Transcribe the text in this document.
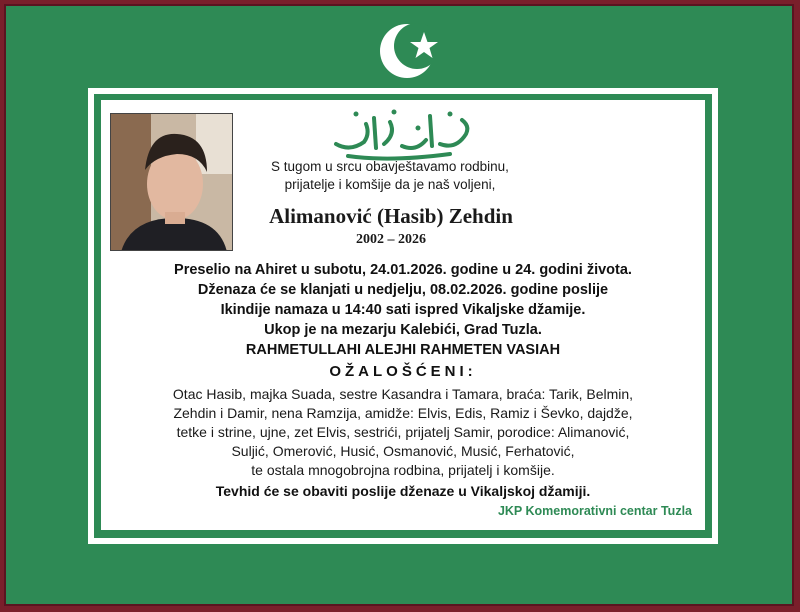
S tugom u srcu obavještavamo rodbinu,
prijatelje i komšije da je naš voljeni,
Alimanović (Hasib) Zehdin
2002 – 2026
Preselio na Ahiret u subotu, 24.01.2026. godine u 24. godini života.
Dženaza će se klanjati u nedjelju, 08.02.2026. godine poslije
Ikindije namaza u 14:40 sati ispred Vikaljske džamije.
Ukop je na mezarju Kalebići, Grad Tuzla.
RAHMETULLAHI ALEJHI RAHMETEN VASIAH
OŽALOŠĆENI:
Otac Hasib, majka Suada, sestre Kasandra i Tamara, braća: Tarik, Belmin,
Zehdin i Damir, nena Ramzija, amidže: Elvis, Edis, Ramiz i Ševko, dajdže,
tetke i strine, ujne, zet Elvis, sestrići, prijatelj Samir, porodice: Alimanović,
Suljić, Omerović, Husić, Osmanović, Musić, Ferhatović,
te ostala mnogobrojna rodbina, prijatelj i komšije.
Tevhid će se obaviti poslije dženaze u Vikaljskoj džamiji.
JKP Komemorativni centar Tuzla
